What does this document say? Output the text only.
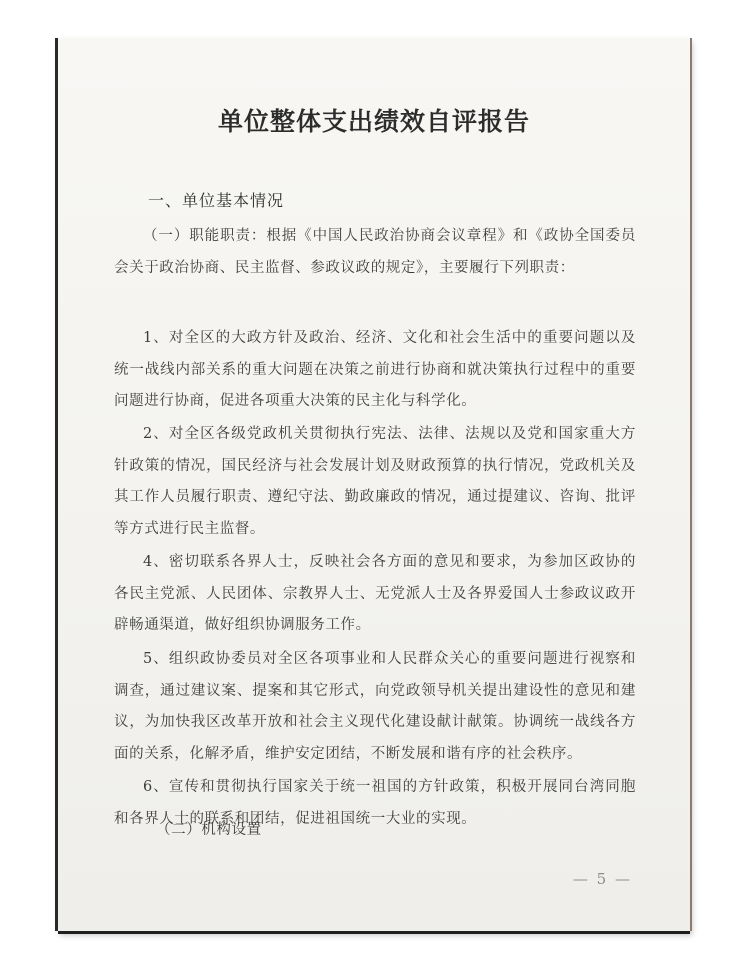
单位整体支出绩效自评报告
一、单位基本情况

（一）职能职责：根据《中国人民政治协商会议章程》和《政协全国委员会关于政治协商、民主监督、参政议政的规定》，主要履行下列职责：

1、对全区的大政方针及政治、经济、文化和社会生活中的重要问题以及统一战线内部关系的重大问题在决策之前进行协商和就决策执行过程中的重要问题进行协商，促进各项重大决策的民主化与科学化。

2、对全区各级党政机关贯彻执行宪法、法律、法规以及党和国家重大方针政策的情况，国民经济与社会发展计划及财政预算的执行情况，党政机关及其工作人员履行职责、遵纪守法、勤政廉政的情况，通过提建议、咨询、批评等方式进行民主监督。

4、密切联系各界人士，反映社会各方面的意见和要求，为参加区政协的各民主党派、人民团体、宗教界人士、无党派人士及各界爱国人士参政议政开辟畅通渠道，做好组织协调服务工作。

5、组织政协委员对全区各项事业和人民群众关心的重要问题进行视察和调查，通过建议案、提案和其它形式，向党政领导机关提出建设性的意见和建议，为加快我区改革开放和社会主义现代化建设献计献策。协调统一战线各方面的关系，化解矛盾，维护安定团结，不断发展和谐有序的社会秩序。

6、宣传和贯彻执行国家关于统一祖国的方针政策，积极开展同台湾同胞和各界人士的联系和团结，促进祖国统一大业的实现。

（二）机构设置
— 5 —
